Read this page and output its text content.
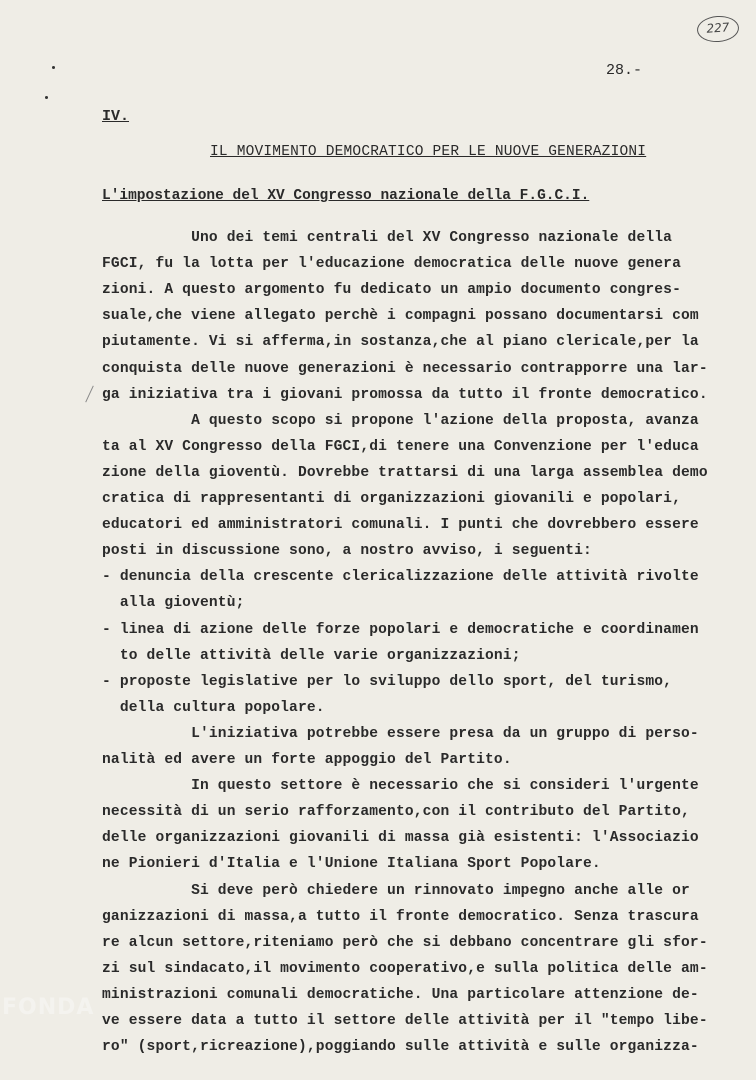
227
28.-
IV.
IL MOVIMENTO DEMOCRATICO PER LE NUOVE GENERAZIONI
L'impostazione del XV Congresso nazionale della F.G.C.I.
Uno dei temi centrali del XV Congresso nazionale della
FGCI, fu la lotta per l'educazione democratica delle nuove genera
zioni. A questo argomento fu dedicato un ampio documento congres-
suale,che viene allegato perchè i compagni possano documentarsi com
piutamente. Vi si afferma,in sostanza,che al piano clericale,per la
conquista delle nuove generazioni è necessario contrapporre una lar-
ga iniziativa tra i giovani promossa da tutto il fronte democratico.
A questo scopo si propone l'azione della proposta, avanza
ta al XV Congresso della FGCI,di tenere una Convenzione per l'educa
zione della gioventù. Dovrebbe trattarsi di una larga assemblea demo
cratica di rappresentanti di organizzazioni giovanili e popolari,
educatori ed amministratori comunali. I punti che dovrebbero essere
posti in discussione sono, a nostro avviso, i seguenti:
- denuncia della crescente clericalizzazione delle attività rivolte
alla gioventù;
- linea di azione delle forze popolari e democratiche e coordinamen
to delle attività delle varie organizzazioni;
- proposte legislative per lo sviluppo dello sport, del turismo,
della cultura popolare.
L'iniziativa potrebbe essere presa da un gruppo di perso-
nalità ed avere un forte appoggio del Partito.
In questo settore è necessario che si consideri l'urgente
necessità di un serio rafforzamento,con il contributo del Partito,
delle organizzazioni giovanili di massa già esistenti: l'Associazio
ne Pionieri d'Italia e l'Unione Italiana Sport Popolare.
Si deve però chiedere un rinnovato impegno anche alle or
ganizzazioni di massa,a tutto il fronte democratico. Senza trascura
re alcun settore,riteniamo però che si debbano concentrare gli sfor-
zi sul sindacato,il movimento cooperativo,e sulla politica delle am-
ministrazioni comunali democratiche. Una particolare attenzione de-
ve essere data a tutto il settore delle attività per il "tempo libe-
ro" (sport,ricreazione),poggiando sulle attività e sulle organizza-
FONDA
